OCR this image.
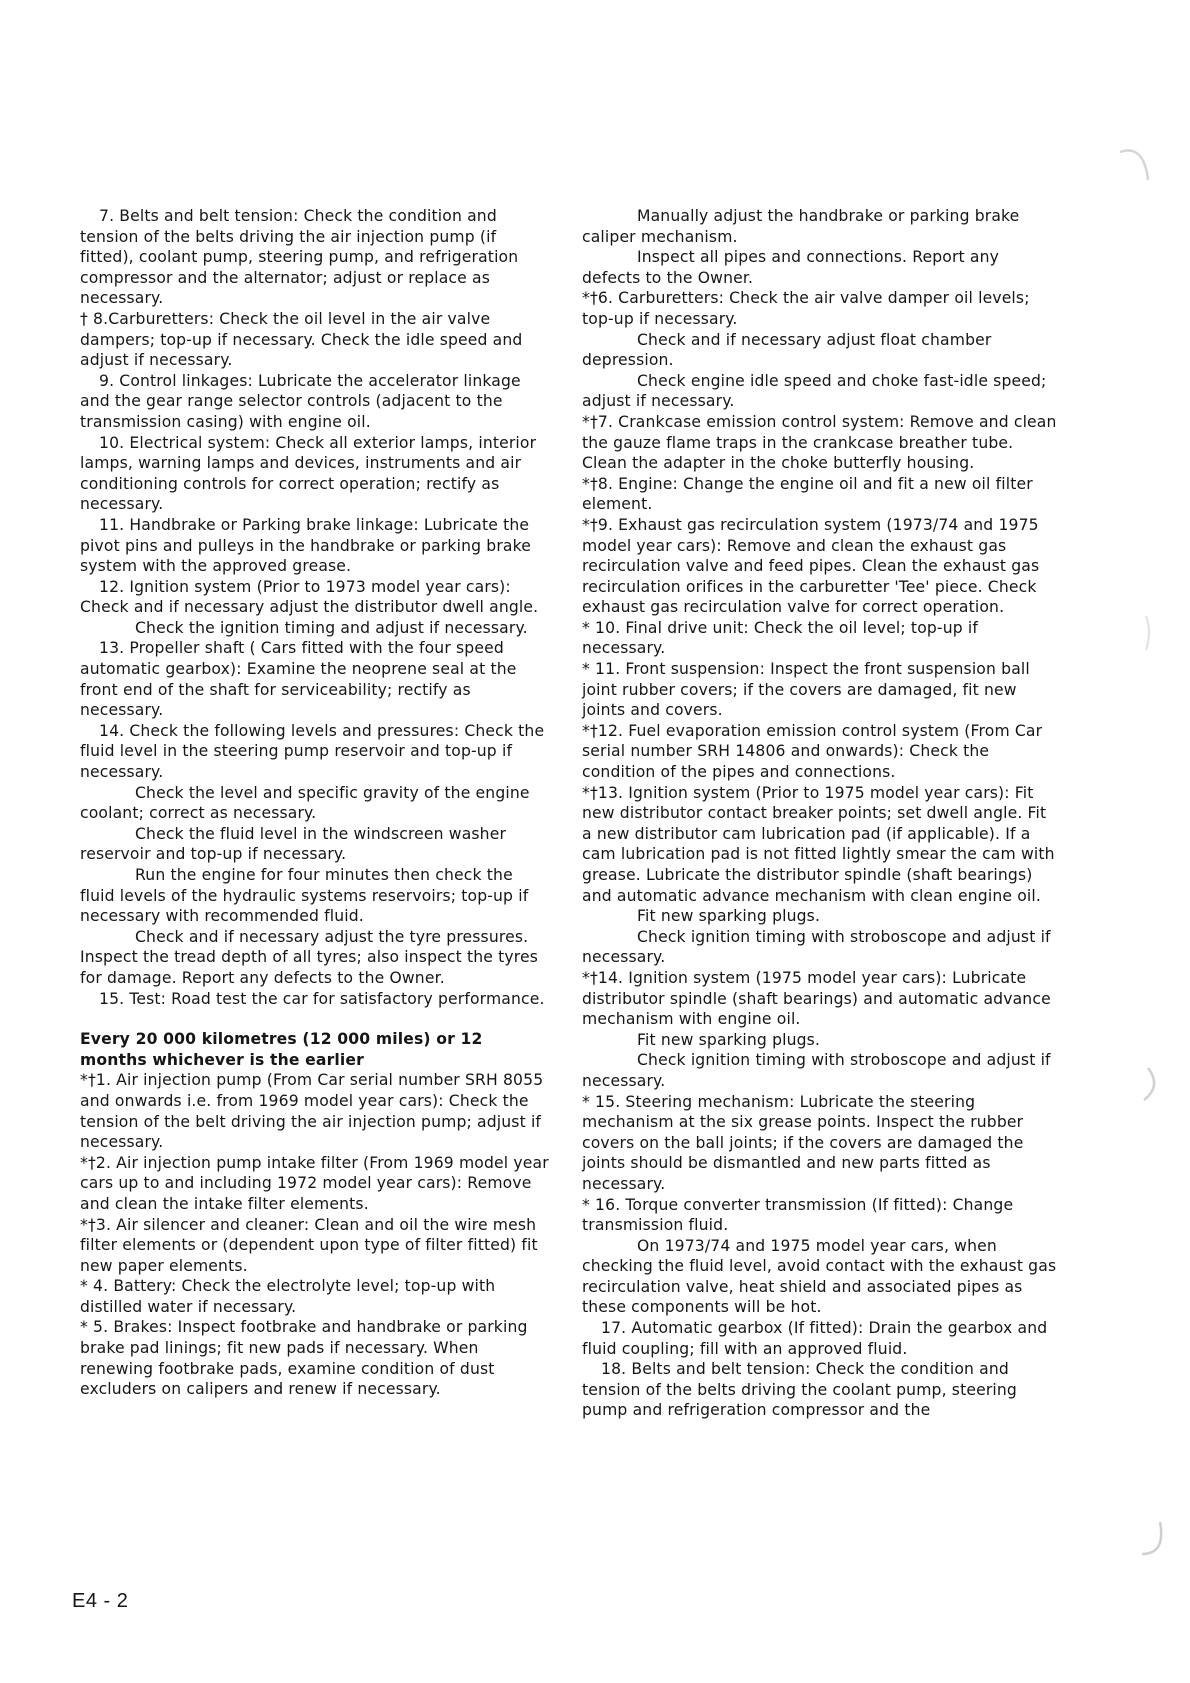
7. Belts and belt tension: Check the condition and tension of the belts driving the air injection pump (if fitted), coolant pump, steering pump, and refrigeration compressor and the alternator; adjust or replace as necessary.

† 8.Carburetters: Check the oil level in the air valve dampers; top-up if necessary. Check the idle speed and adjust if necessary.

9. Control linkages: Lubricate the accelerator linkage and the gear range selector controls (adjacent to the transmission casing) with engine oil.

10. Electrical system: Check all exterior lamps, interior lamps, warning lamps and devices, instruments and air conditioning controls for correct operation; rectify as necessary.

11. Handbrake or Parking brake linkage: Lubricate the pivot pins and pulleys in the handbrake or parking brake system with the approved grease.

12. Ignition system (Prior to 1973 model year cars): Check and if necessary adjust the distributor dwell angle.

Check the ignition timing and adjust if necessary.

13. Propeller shaft ( Cars fitted with the four speed automatic gearbox): Examine the neoprene seal at the front end of the shaft for serviceability; rectify as necessary.

14. Check the following levels and pressures: Check the fluid level in the steering pump reservoir and top-up if necessary.

Check the level and specific gravity of the engine coolant; correct as necessary.

Check the fluid level in the windscreen washer reservoir and top-up if necessary.

Run the engine for four minutes then check the fluid levels of the hydraulic systems reservoirs; top-up if necessary with recommended fluid.

Check and if necessary adjust the tyre pressures. Inspect the tread depth of all tyres; also inspect the tyres for damage. Report any defects to the Owner.

15. Test: Road test the car for satisfactory performance.

Every 20 000 kilometres (12 000 miles) or 12 months whichever is the earlier

*†1. Air injection pump (From Car serial number SRH 8055 and onwards i.e. from 1969 model year cars): Check the tension of the belt driving the air injection pump; adjust if necessary.

*†2. Air injection pump intake filter (From 1969 model year cars up to and including 1972 model year cars): Remove and clean the intake filter elements.

*†3. Air silencer and cleaner: Clean and oil the wire mesh filter elements or (dependent upon type of filter fitted) fit new paper elements.

* 4. Battery: Check the electrolyte level; top-up with distilled water if necessary.

* 5. Brakes: Inspect footbrake and handbrake or parking brake pad linings; fit new pads if necessary. When renewing footbrake pads, examine condition of dust excluders on calipers and renew if necessary.

Manually adjust the handbrake or parking brake caliper mechanism.

Inspect all pipes and connections. Report any defects to the Owner.

*†6. Carburetters: Check the air valve damper oil levels; top-up if necessary.

Check and if necessary adjust float chamber depression.

Check engine idle speed and choke fast-idle speed; adjust if necessary.

*†7. Crankcase emission control system: Remove and clean the gauze flame traps in the crankcase breather tube. Clean the adapter in the choke butterfly housing.

*†8. Engine: Change the engine oil and fit a new oil filter element.

*†9. Exhaust gas recirculation system (1973/74 and 1975 model year cars): Remove and clean the exhaust gas recirculation valve and feed pipes. Clean the exhaust gas recirculation orifices in the carburetter 'Tee' piece. Check exhaust gas recirculation valve for correct operation.

* 10. Final drive unit: Check the oil level; top-up if necessary.

* 11. Front suspension: Inspect the front suspension ball joint rubber covers; if the covers are damaged, fit new joints and covers.

*†12. Fuel evaporation emission control system (From Car serial number SRH 14806 and onwards): Check the condition of the pipes and connections.

*†13. Ignition system (Prior to 1975 model year cars): Fit new distributor contact breaker points; set dwell angle. Fit a new distributor cam lubrication pad (if applicable). If a cam lubrication pad is not fitted lightly smear the cam with grease. Lubricate the distributor spindle (shaft bearings) and automatic advance mechanism with clean engine oil.

Fit new sparking plugs.

Check ignition timing with stroboscope and adjust if necessary.

*†14. Ignition system (1975 model year cars): Lubricate distributor spindle (shaft bearings) and automatic advance mechanism with engine oil.

Fit new sparking plugs.

Check ignition timing with stroboscope and adjust if necessary.

* 15. Steering mechanism: Lubricate the steering mechanism at the six grease points. Inspect the rubber covers on the ball joints; if the covers are damaged the joints should be dismantled and new parts fitted as necessary.

* 16. Torque converter transmission (If fitted): Change transmission fluid.

On 1973/74 and 1975 model year cars, when checking the fluid level, avoid contact with the exhaust gas recirculation valve, heat shield and associated pipes as these components will be hot.

17. Automatic gearbox (If fitted): Drain the gearbox and fluid coupling; fill with an approved fluid.

18. Belts and belt tension: Check the condition and tension of the belts driving the coolant pump, steering pump and refrigeration compressor and the

E4 - 2
